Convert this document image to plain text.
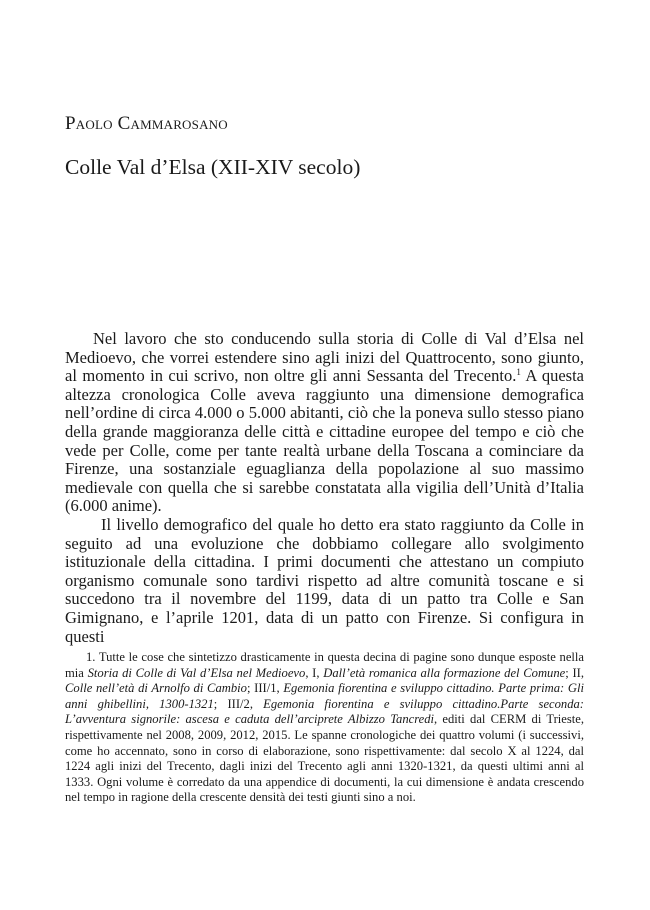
Paolo Cammarosano
Colle Val d’Elsa (XII-XIV secolo)

Nel lavoro che sto conducendo sulla storia di Colle di Val d’Elsa nel Medioevo, che vorrei estendere sino agli inizi del Quattrocento, sono giunto, al momento in cui scrivo, non oltre gli anni Sessanta del Trecento.$^1$ A questa altezza cronologica Colle aveva raggiunto una dimensione demografica nell’ordine di circa 4.000 o 5.000 abitanti, ciò che la poneva sullo stesso piano della grande maggioranza delle città e cittadine europee del tempo e ciò che vede per Colle, come per tante realtà urbane della Toscana a cominciare da Firenze, una sostanziale eguaglianza della popolazione al suo massimo medievale con quella che si sarebbe constatata alla vigilia dell’Unità d’Italia (6.000 anime).

Il livello demografico del quale ho detto era stato raggiunto da Colle in seguito ad una evoluzione che dobbiamo collegare allo svolgimento istituzionale della cittadina. I primi documenti che attestano un compiuto organismo comunale sono tardivi rispetto ad altre comunità toscane e si succedono tra il novembre del 1199, data di un patto tra Colle e San Gimignano, e l’aprile 1201, data di un patto con Firenze. Si configura in questi

1. Tutte le cose che sintetizzo drasticamente in questa decina di pagine sono dunque esposte nella mia Storia di Colle di Val d’Elsa nel Medioevo, I, Dall’età romanica alla formazione del Comune; II, Colle nell’età di Arnolfo di Cambio; III/1, Egemonia fiorentina e sviluppo cittadino. Parte prima: Gli anni ghibellini, 1300-1321; III/2, Egemonia fiorentina e sviluppo cittadino.Parte seconda: L’avventura signorile: ascesa e caduta dell’arciprete Albizzo Tancredi, editi dal CERM di Trieste, rispettivamente nel 2008, 2009, 2012, 2015. Le spanne cronologiche dei quattro volumi (i successivi, come ho accennato, sono in corso di elaborazione, sono rispettivamente: dal secolo X al 1224, dal 1224 agli inizi del Trecento, dagli inizi del Trecento agli anni 1320-1321, da questi ultimi anni al 1333. Ogni volume è corredato da una appendice di documenti, la cui dimensione è andata crescendo nel tempo in ragione della crescente densità dei testi giunti sino a noi.
